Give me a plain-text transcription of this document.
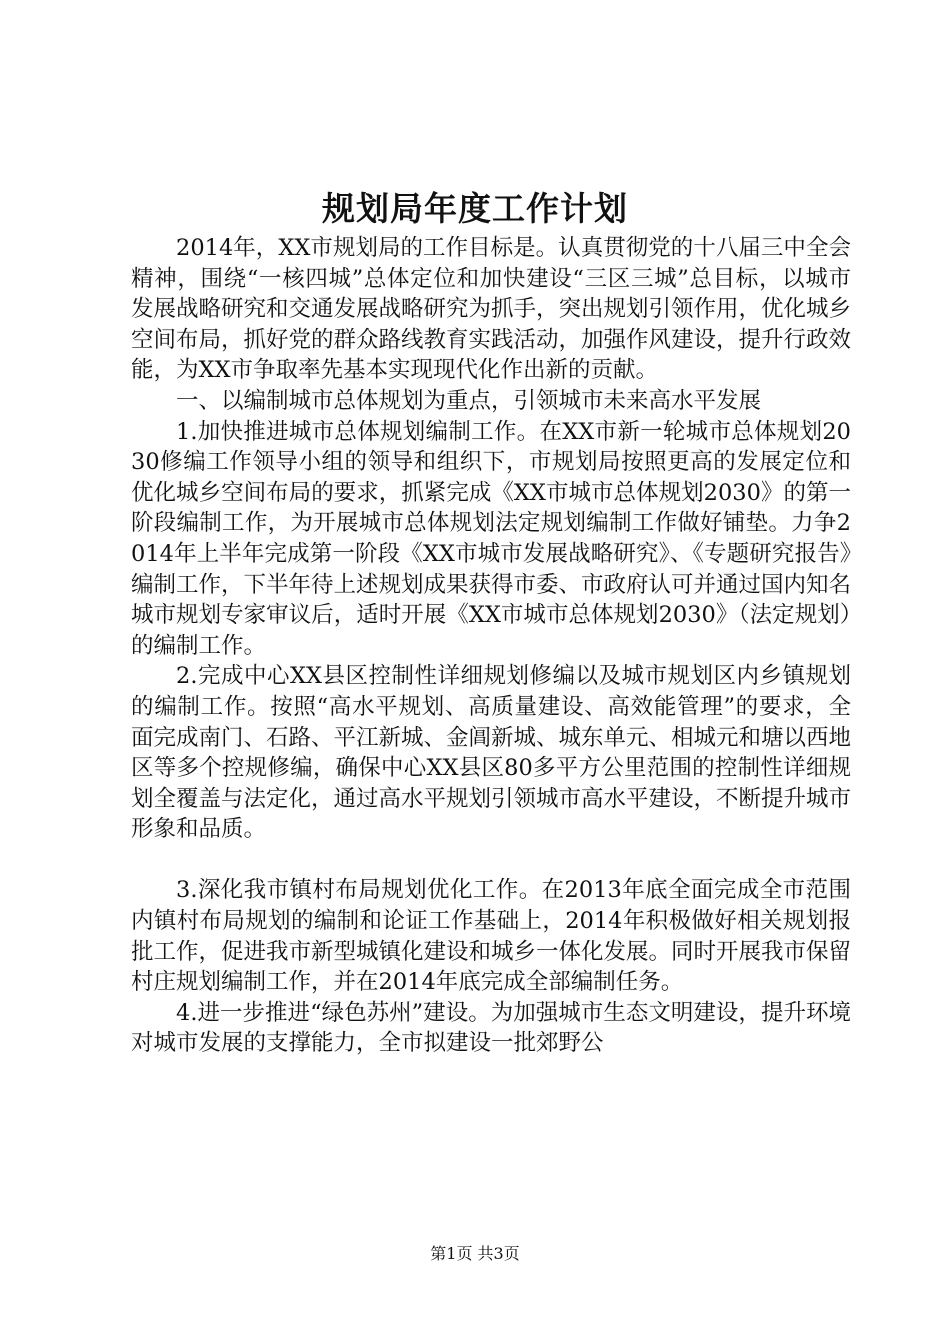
规划局年度工作计划

2014年，XX市规划局的工作目标是。认真贯彻党的十八届三中全会精神，围绕“一核四城”总体定位和加快建设“三区三城”总目标，以城市发展战略研究和交通发展战略研究为抓手，突出规划引领作用，优化城乡空间布局，抓好党的群众路线教育实践活动，加强作风建设，提升行政效能，为XX市争取率先基本实现现代化作出新的贡献。

一、以编制城市总体规划为重点，引领城市未来高水平发展

1.加快推进城市总体规划编制工作。在XX市新一轮城市总体规划2030修编工作领导小组的领导和组织下，市规划局按照更高的发展定位和优化城乡空间布局的要求，抓紧完成《XX市城市总体规划2030》的第一阶段编制工作，为开展城市总体规划法定规划编制工作做好铺垫。力争2014年上半年完成第一阶段《XX市城市发展战略研究》、《专题研究报告》编制工作，下半年待上述规划成果获得市委、市政府认可并通过国内知名城市规划专家审议后，适时开展《XX市城市总体规划2030》（法定规划）的编制工作。

2.完成中心XX县区控制性详细规划修编以及城市规划区内乡镇规划的编制工作。按照“高水平规划、高质量建设、高效能管理”的要求，全面完成南门、石路、平江新城、金阊新城、城东单元、相城元和塘以西地区等多个控规修编，确保中心XX县区80多平方公里范围的控制性详细规划全覆盖与法定化，通过高水平规划引领城市高水平建设，不断提升城市形象和品质。

3.深化我市镇村布局规划优化工作。在2013年底全面完成全市范围内镇村布局规划的编制和论证工作基础上，2014年积极做好相关规划报批工作，促进我市新型城镇化建设和城乡一体化发展。同时开展我市保留村庄规划编制工作，并在2014年底完成全部编制任务。

4.进一步推进“绿色苏州”建设。为加强城市生态文明建设，提升环境对城市发展的支撑能力，全市拟建设一批郊野公

第1页 共3页
